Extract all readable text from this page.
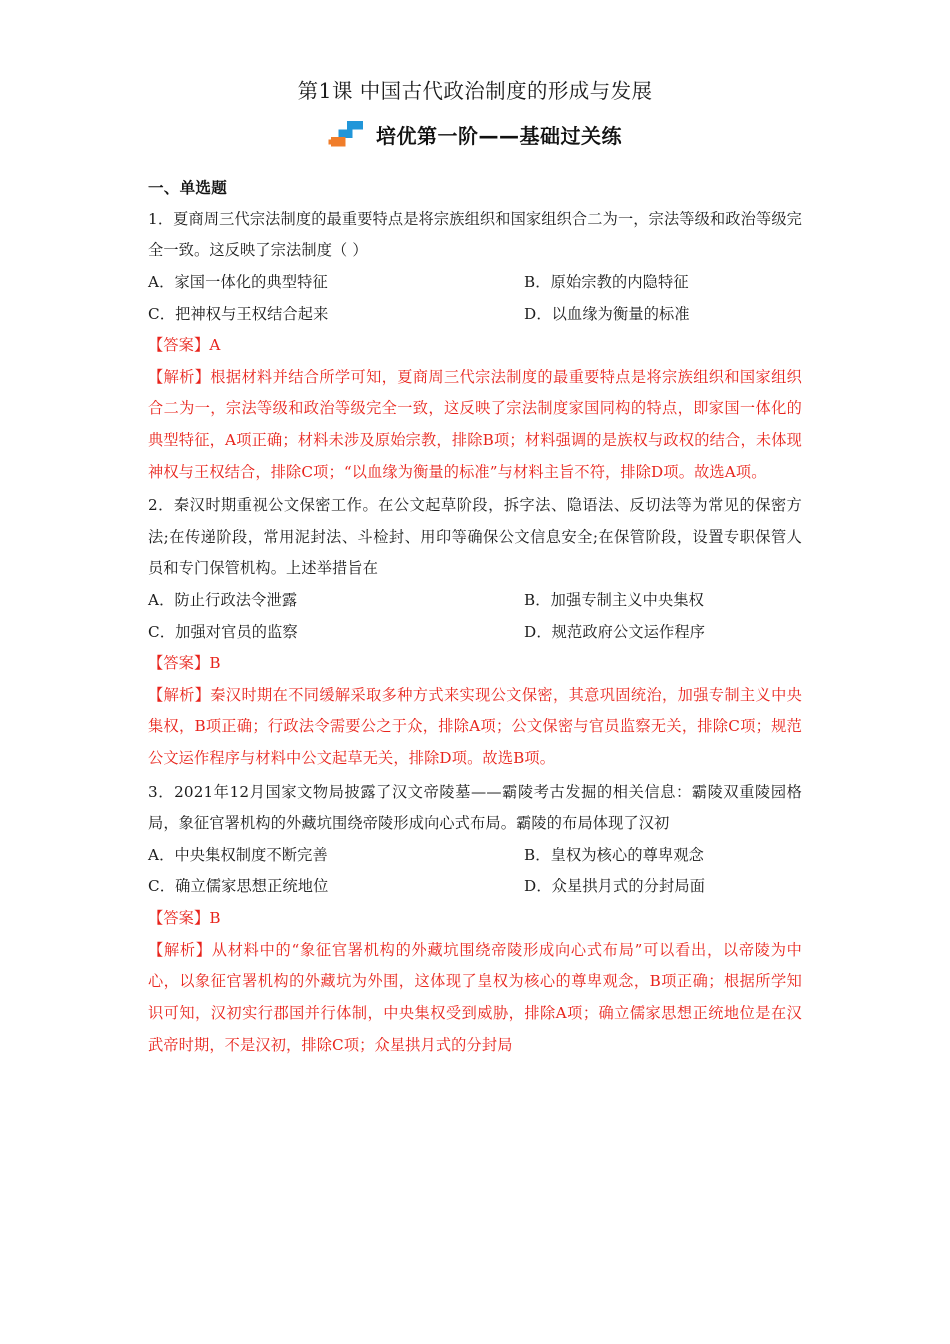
第1课 中国古代政治制度的形成与发展
培优第一阶——基础过关练
一、单选题

1．夏商周三代宗法制度的最重要特点是将宗族组织和国家组织合二为一，宗法等级和政治等级完全一致。这反映了宗法制度（ ）

A．家国一体化的典型特征	B．原始宗教的内隐特征
C．把神权与王权结合起来	D．以血缘为衡量的标准

【答案】A

【解析】根据材料并结合所学可知，夏商周三代宗法制度的最重要特点是将宗族组织和国家组织合二为一，宗法等级和政治等级完全一致，这反映了宗法制度家国同构的特点，即家国一体化的典型特征，A项正确；材料未涉及原始宗教，排除B项；材料强调的是族权与政权的结合，未体现神权与王权结合，排除C项；“以血缘为衡量的标准”与材料主旨不符，排除D项。故选A项。

2．秦汉时期重视公文保密工作。在公文起草阶段，拆字法、隐语法、反切法等为常见的保密方法;在传递阶段，常用泥封法、斗检封、用印等确保公文信息安全;在保管阶段，设置专职保管人员和专门保管机构。上述举措旨在

A．防止行政法令泄露	B．加强专制主义中央集权
C．加强对官员的监察	D．规范政府公文运作程序

【答案】B

【解析】秦汉时期在不同缓解采取多种方式来实现公文保密，其意巩固统治，加强专制主义中央集权，B项正确；行政法令需要公之于众，排除A项；公文保密与官员监察无关，排除C项；规范公文运作程序与材料中公文起草无关，排除D项。故选B项。

3．2021年12月国家文物局披露了汉文帝陵墓——霸陵考古发掘的相关信息：霸陵双重陵园格局，象征官署机构的外藏坑围绕帝陵形成向心式布局。霸陵的布局体现了汉初

A．中央集权制度不断完善	B．皇权为核心的尊卑观念
C．确立儒家思想正统地位	D．众星拱月式的分封局面

【答案】B

【解析】从材料中的“象征官署机构的外藏坑围绕帝陵形成向心式布局”可以看出，以帝陵为中心，以象征官署机构的外藏坑为外围，这体现了皇权为核心的尊卑观念，B项正确；根据所学知识可知，汉初实行郡国并行体制，中央集权受到威胁，排除A项；确立儒家思想正统地位是在汉武帝时期，不是汉初，排除C项；众星拱月式的分封局
